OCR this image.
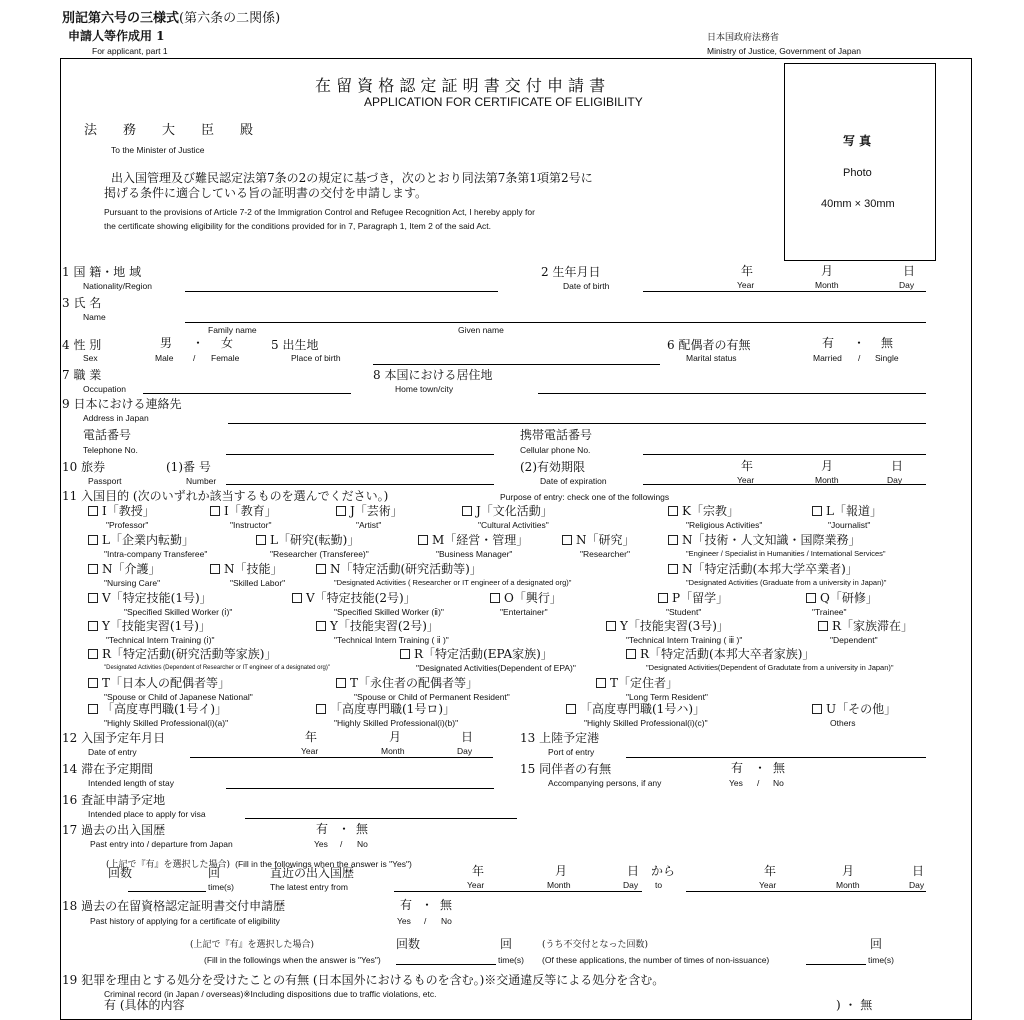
別記第六号の三様式(第六条の二関係)
申請人等作成用 1
For applicant, part 1
日本国政府法務省
Ministry of Justice, Government of Japan
写 真
Photo
40mm × 30mm
在 留 資 格 認 定 証 明 書 交 付 申 請 書
APPLICATION FOR CERTIFICATE OF ELIGIBILITY
法　　務　　大　　臣　　殿
To the Minister of Justice
出入国管理及び難民認定法第7条の2の規定に基づき，次のとおり同法第7条第1項第2号に
掲げる条件に適合している旨の証明書の交付を申請します。
Pursuant to the provisions of Article 7-2 of the Immigration Control and Refugee Recognition Act, I hereby apply for
the certificate showing eligibility for the conditions provided for in 7, Paragraph 1, Item 2 of the said Act.
1 国 籍・地 域
Nationality/Region
2 生年月日
Date of birth
年
Year
月
Month
日
Day
3 氏 名
Name
Family name	Given name
4 性 別
Sex
男 ・ 女
Male / Female
5 出生地
Place of birth
6 配偶者の有無
Marital status
有 ・ 無
Married / Single
7 職 業
Occupation
8 本国における居住地
Home town/city
9 日本における連絡先
Address in Japan
電話番号
Telephone No.
携帯電話番号
Cellular phone No.
10 旅券
Passport
(1)番 号
Number
(2)有効期限
Date of expiration
年
Year
月
Month
日
Day
11 入国目的 (次のいずれか該当するものを選んでください。)	Purpose of entry: check one of the followings
Ⅰ「教授」
"Professor"
Ⅰ「教育」
"Instructor"
J「芸術」
"Artist"
J「文化活動」
"Cultural Activities"
K「宗教」
"Religious Activities"
L「報道」
"Journalist"
L「企業内転勤」
"Intra-company Transferee"
L「研究(転勤)」
"Researcher (Transferee)"
M「経営・管理」
"Business Manager"
N「研究」
"Researcher"
N「技術・人文知識・国際業務」
"Engineer / Specialist in Humanities / International Services"
N「介護」
"Nursing Care"
N「技能」
"Skilled Labor"
N「特定活動(研究活動等)」
"Designated Activities ( Researcher or IT engineer of a designated org)"
N「特定活動(本邦大学卒業者)」
"Designated Activities (Graduate from a university in Japan)"
V「特定技能(1号)」
"Specified Skilled Worker (ⅰ)"
V「特定技能(2号)」
"Specified Skilled Worker (ⅱ)"
O「興行」
"Entertainer"
P「留学」
"Student"
Q「研修」
"Trainee"
Y「技能実習(1号)」
"Technical Intern Training (ⅰ)"
Y「技能実習(2号)」
"Technical Intern Training ( ⅱ )"
Y「技能実習(3号)」
"Technical Intern Training ( ⅲ )"
R「家族滞在」
"Dependent"
R「特定活動(研究活動等家族)」
"Designated Activities (Dependent of Researcher or IT engineer of a designated org)"
R「特定活動(EPA家族)」
"Designated Activities(Dependent of EPA)"
R「特定活動(本邦大卒者家族)」
"Designated Activities(Dependent of Gradutate from a university in Japan)"
T「日本人の配偶者等」
"Spouse or Child of Japanese National"
T「永住者の配偶者等」
"Spouse or Child of Permanent Resident"
T「定住者」
"Long Term Resident"
「高度専門職(1号イ)」
"Highly Skilled Professional(i)(a)"
「高度専門職(1号ロ)」
"Highly Skilled Professional(i)(b)"
「高度専門職(1号ハ)」
"Highly Skilled Professional(i)(c)"
U「その他」
Others
12 入国予定年月日
Date of entry
年
Year
月
Month
日
Day
13 上陸予定港
Port of entry
14 滞在予定期間
Intended length of stay
15 同伴者の有無
Accompanying persons, if any
有 ・ 無
Yes / No
16 査証申請予定地
Intended place to apply for visa
17 過去の出入国歴
Past entry into / departure from Japan
有 ・ 無
Yes / No
(上記で『有』を選択した場合) (Fill in the followings when the answer is "Yes")
回数	回
time(s)
直近の出入国歴
The latest entry from
年
Year
月
Month
日
Day
から
to
年
Year
月
Month
日
Day
18 過去の在留資格認定証明書交付申請歴
Past history of applying for a certificate of eligibility
有 ・ 無
Yes / No
(上記で『有』を選択した場合)
(Fill in the followings when the answer is "Yes")
回数	回
time(s)
(うち不交付となった回数)
(Of these applications, the number of times of non-issuance)
回
time(s)
19 犯罪を理由とする処分を受けたことの有無 (日本国外におけるものを含む。)※交通違反等による処分を含む。
Criminal record (in Japan / overseas)※Including dispositions due to traffic violations, etc.
有 (具体的内容	) ・ 無
